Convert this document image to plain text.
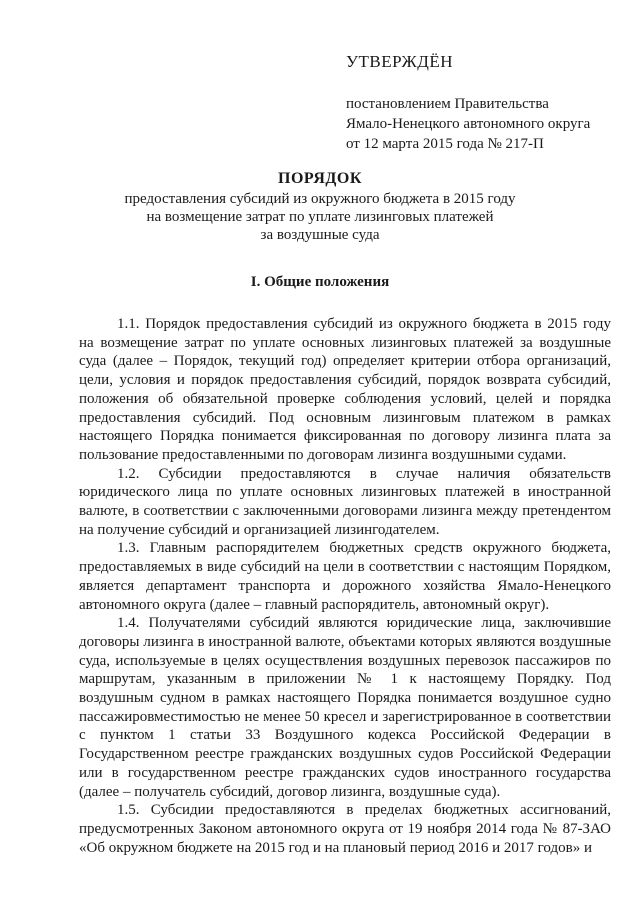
УТВЕРЖДЁН
постановлением Правительства
Ямало-Ненецкого автономного округа
от 12 марта 2015 года № 217-П
ПОРЯДОК
предоставления субсидий из окружного бюджета в 2015 году
на возмещение затрат по уплате лизинговых платежей
за воздушные суда
I. Общие положения

1.1. Порядок предоставления субсидий из окружного бюджета в 2015 году на возмещение затрат по уплате основных лизинговых платежей за воздушные суда (далее – Порядок, текущий год) определяет критерии отбора организаций, цели, условия и порядок предоставления субсидий, порядок возврата субсидий, положения об обязательной проверке соблюдения условий, целей и порядка предоставления субсидий. Под основным лизинговым платежом в рамках настоящего Порядка понимается фиксированная по договору лизинга плата за пользование предоставленными по договорам лизинга воздушными судами.

1.2. Субсидии предоставляются в случае наличия обязательств юридического лица по уплате основных лизинговых платежей в иностранной валюте, в соответствии с заключенными договорами лизинга между претендентом на получение субсидий и организацией лизингодателем.

1.3. Главным распорядителем бюджетных средств окружного бюджета, предоставляемых в виде субсидий на цели в соответствии с настоящим Порядком, является департамент транспорта и дорожного хозяйства Ямало-Ненецкого автономного округа (далее – главный распорядитель, автономный округ).

1.4. Получателями субсидий являются юридические лица, заключившие договоры лизинга в иностранной валюте, объектами которых являются воздушные суда, используемые в целях осуществления воздушных перевозок пассажиров по маршрутам, указанным в приложении № 1 к настоящему Порядку. Под воздушным судном в рамках настоящего Порядка понимается воздушное судно пассажировместимостью не менее 50 кресел и зарегистрированное в соответствии с пунктом 1 статьи 33 Воздушного кодекса Российской Федерации в Государственном реестре гражданских воздушных судов Российской Федерации или в государственном реестре гражданских судов иностранного государства (далее – получатель субсидий, договор лизинга, воздушные суда).

1.5. Субсидии предоставляются в пределах бюджетных ассигнований, предусмотренных Законом автономного округа от 19 ноября 2014 года № 87-ЗАО «Об окружном бюджете на 2015 год и на плановый период 2016 и 2017 годов» и
